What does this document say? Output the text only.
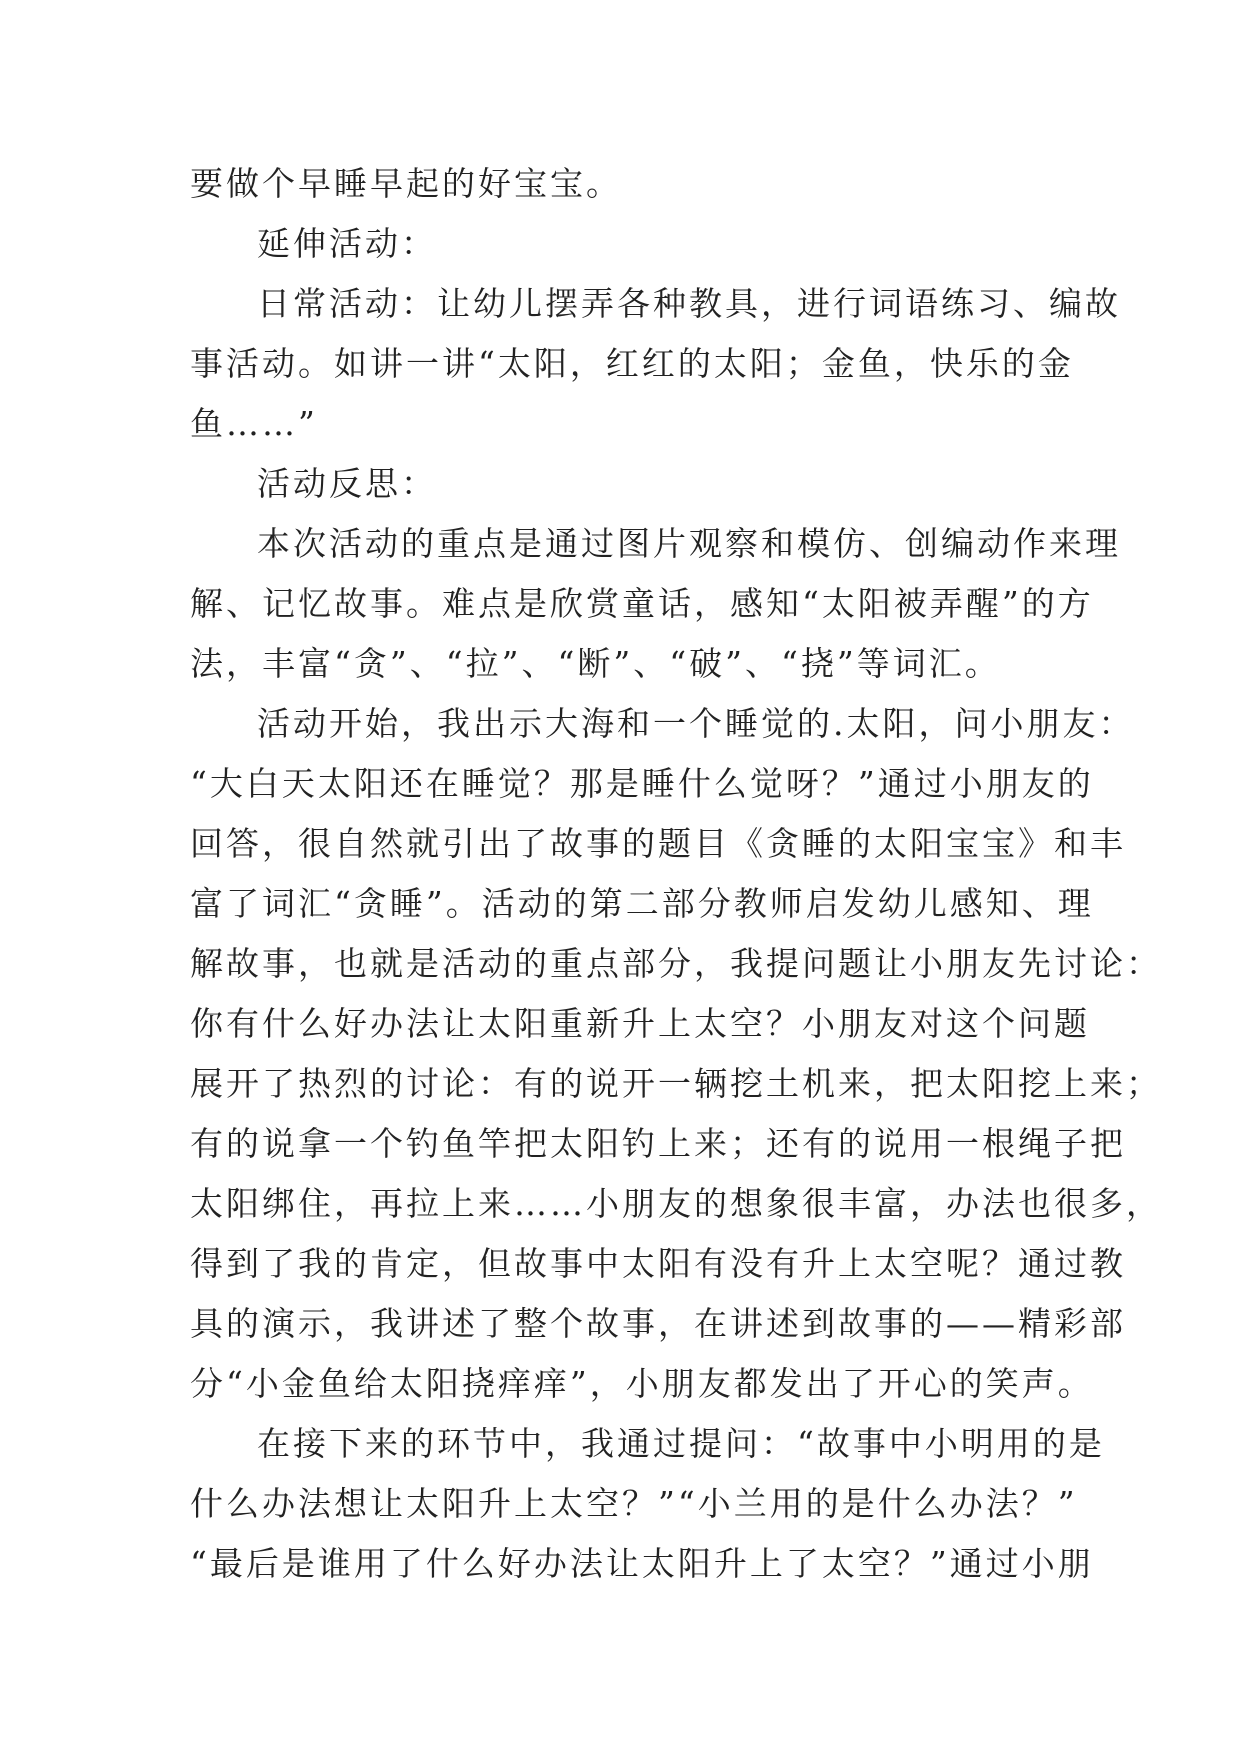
要做个早睡早起的好宝宝。
延伸活动：
日常活动：让幼儿摆弄各种教具，进行词语练习、编故
事活动。如讲一讲“太阳，红红的太阳；金鱼，快乐的金
鱼……”
活动反思：
本次活动的重点是通过图片观察和模仿、创编动作来理
解、记忆故事。难点是欣赏童话，感知“太阳被弄醒”的方
法，丰富“贪”、“拉”、“断”、“破”、“挠”等词汇。
活动开始，我出示大海和一个睡觉的.太阳，问小朋友：
“大白天太阳还在睡觉？那是睡什么觉呀？”通过小朋友的
回答，很自然就引出了故事的题目《贪睡的太阳宝宝》和丰
富了词汇“贪睡”。活动的第二部分教师启发幼儿感知、理
解故事，也就是活动的重点部分，我提问题让小朋友先讨论：
你有什么好办法让太阳重新升上太空？小朋友对这个问题
展开了热烈的讨论：有的说开一辆挖土机来，把太阳挖上来；
有的说拿一个钓鱼竿把太阳钓上来；还有的说用一根绳子把
太阳绑住，再拉上来……小朋友的想象很丰富，办法也很多，
得到了我的肯定，但故事中太阳有没有升上太空呢？通过教
具的演示，我讲述了整个故事，在讲述到故事的——精彩部
分“小金鱼给太阳挠痒痒”，小朋友都发出了开心的笑声。
在接下来的环节中，我通过提问：“故事中小明用的是
什么办法想让太阳升上太空？”“小兰用的是什么办法？”
“最后是谁用了什么好办法让太阳升上了太空？”通过小朋
